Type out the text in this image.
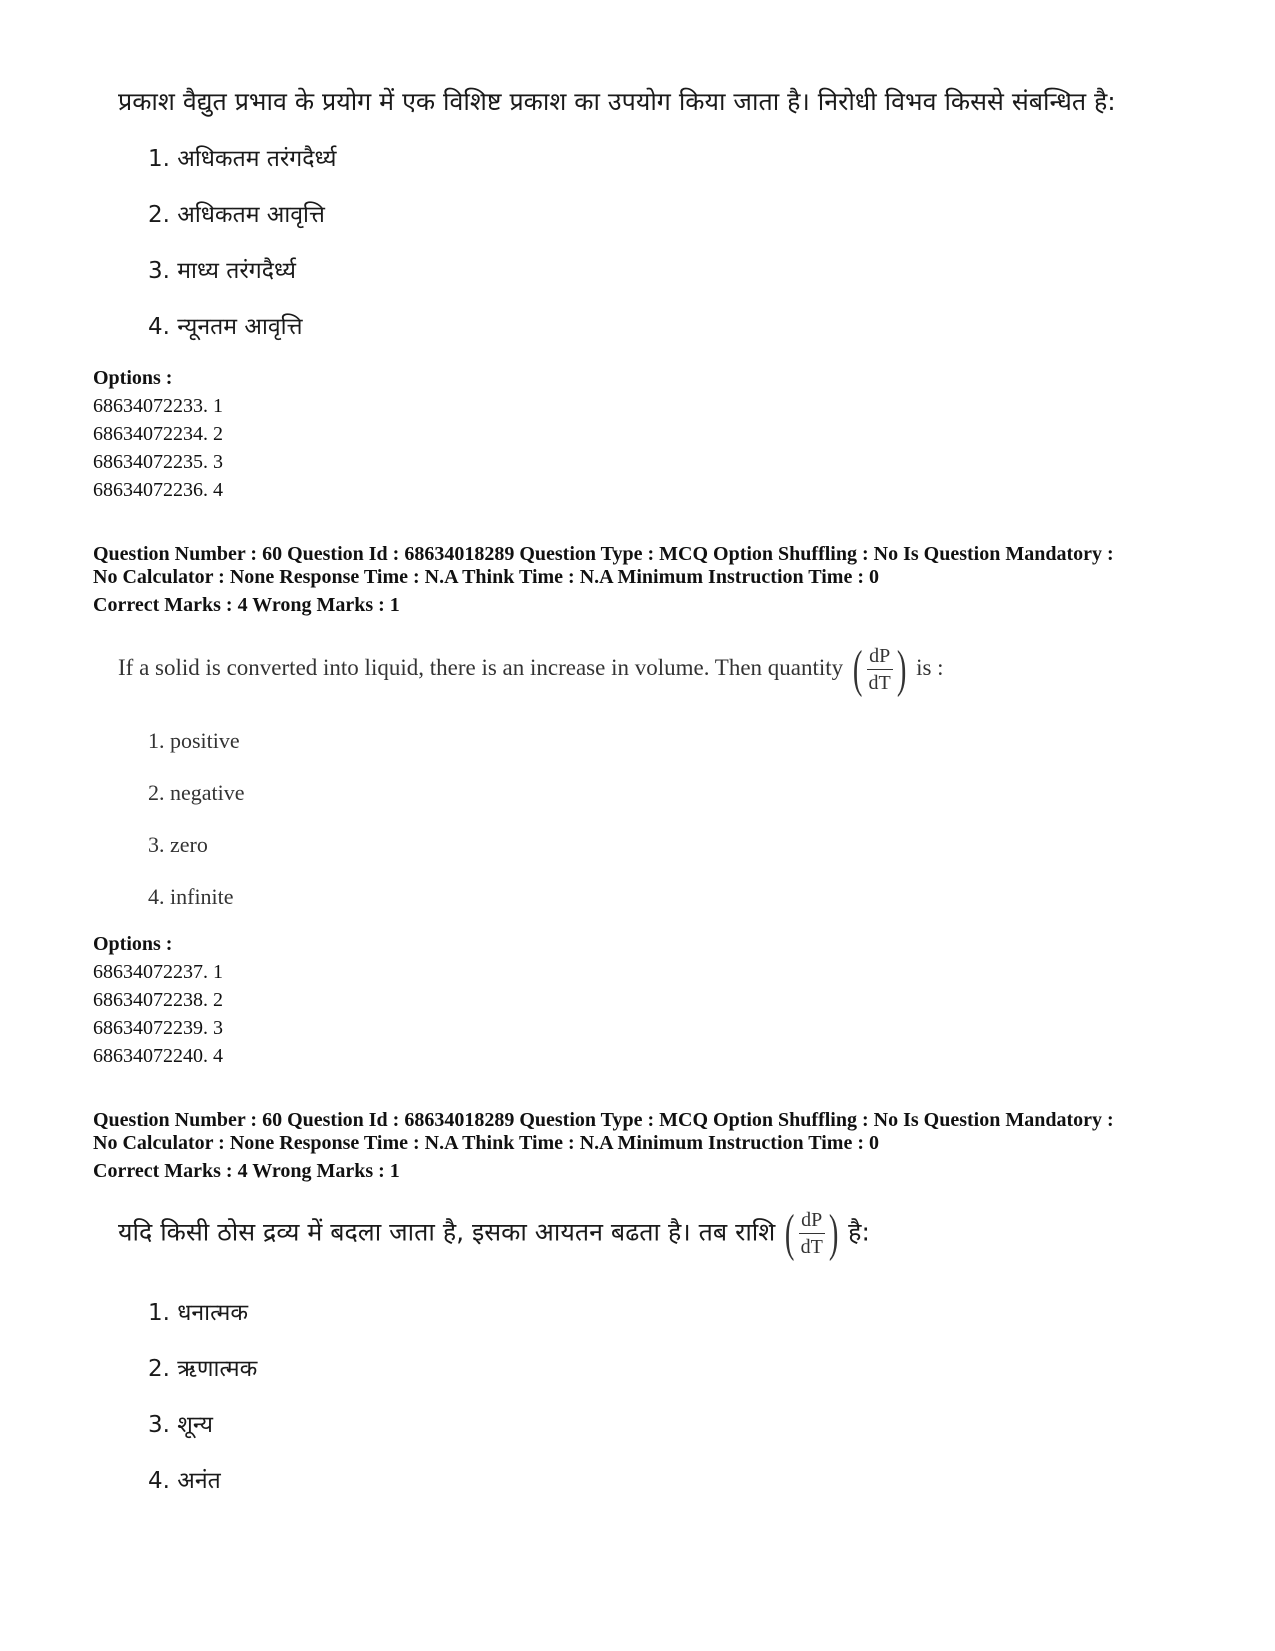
प्रकाश वैद्युत प्रभाव के प्रयोग में एक विशिष्ट प्रकाश का उपयोग किया जाता है। निरोधी विभव किससे संबन्धित है:
1. अधिकतम तरंगदैर्ध्य
2. अधिकतम आवृत्ति
3. माध्य तरंगदैर्ध्य
4. न्यूनतम आवृत्ति
Options :
68634072233. 1
68634072234. 2
68634072235. 3
68634072236. 4
Question Number : 60 Question Id : 68634018289 Question Type : MCQ Option Shuffling : No Is Question Mandatory :
No Calculator : None Response Time : N.A Think Time : N.A Minimum Instruction Time : 0
Correct Marks : 4 Wrong Marks : 1
If a solid is converted into liquid, there is an increase in volume. Then quantity ( $\frac{dP}{dT}$ ) is :
1. positive
2. negative
3. zero
4. infinite
Options :
68634072237. 1
68634072238. 2
68634072239. 3
68634072240. 4
Question Number : 60 Question Id : 68634018289 Question Type : MCQ Option Shuffling : No Is Question Mandatory :
No Calculator : None Response Time : N.A Think Time : N.A Minimum Instruction Time : 0
Correct Marks : 4 Wrong Marks : 1
यदि किसी ठोस द्रव्य में बदला जाता है, इसका आयतन बढता है। तब राशि ( $\frac{dP}{dT}$ ) है:
1. धनात्मक
2. ऋणात्मक
3. शून्य
4. अनंत
